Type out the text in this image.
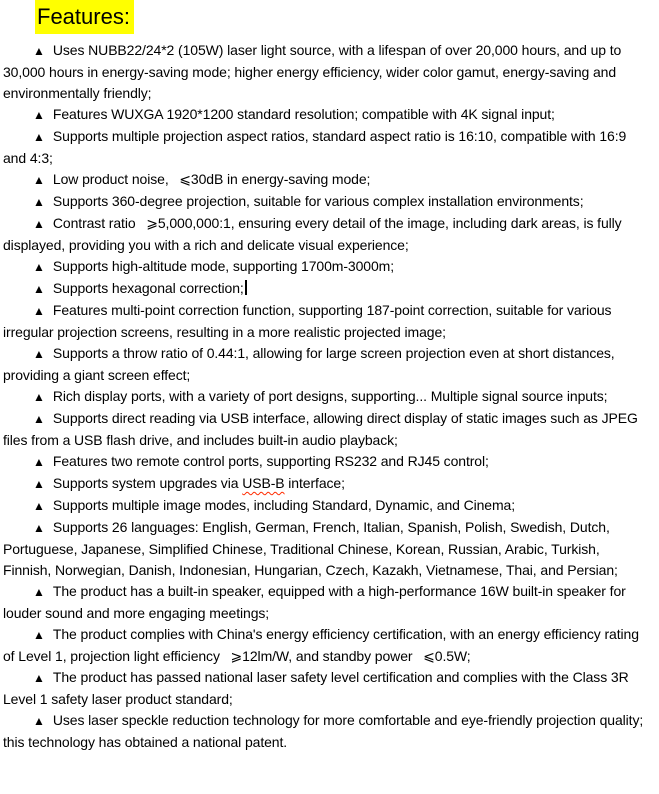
Features:

▲ Uses NUBB22/24*2 (105W) laser light source, with a lifespan of over 20,000 hours, and up to 30,000 hours in energy-saving mode; higher energy efficiency, wider color gamut, energy-saving and environmentally friendly;

▲ Features WUXGA 1920*1200 standard resolution; compatible with 4K signal input;

▲ Supports multiple projection aspect ratios, standard aspect ratio is 16:10, compatible with 16:9 and 4:3;

▲ Low product noise,  ⩽30dB in energy-saving mode;

▲ Supports 360-degree projection, suitable for various complex installation environments;

▲ Contrast ratio  ⩾5,000,000:1, ensuring every detail of the image, including dark areas, is fully displayed, providing you with a rich and delicate visual experience;

▲ Supports high-altitude mode, supporting 1700m-3000m;

▲ Supports hexagonal correction;

▲ Features multi-point correction function, supporting 187-point correction, suitable for various irregular projection screens, resulting in a more realistic projected image;

▲ Supports a throw ratio of 0.44:1, allowing for large screen projection even at short distances, providing a giant screen effect;

▲ Rich display ports, with a variety of port designs, supporting... Multiple signal source inputs;

▲ Supports direct reading via USB interface, allowing direct display of static images such as JPEG files from a USB flash drive, and includes built-in audio playback;

▲ Features two remote control ports, supporting RS232 and RJ45 control;

▲ Supports system upgrades via USB-B interface;

▲ Supports multiple image modes, including Standard, Dynamic, and Cinema;

▲ Supports 26 languages: English, German, French, Italian, Spanish, Polish, Swedish, Dutch, Portuguese, Japanese, Simplified Chinese, Traditional Chinese, Korean, Russian, Arabic, Turkish, Finnish, Norwegian, Danish, Indonesian, Hungarian, Czech, Kazakh, Vietnamese, Thai, and Persian;

▲ The product has a built-in speaker, equipped with a high-performance 16W built-in speaker for louder sound and more engaging meetings;

▲ The product complies with China's energy efficiency certification, with an energy efficiency rating of Level 1, projection light efficiency  ⩾12lm/W, and standby power  ⩽0.5W;

▲ The product has passed national laser safety level certification and complies with the Class 3R Level 1 safety laser product standard;

▲ Uses laser speckle reduction technology for more comfortable and eye-friendly projection quality; this technology has obtained a national patent.
